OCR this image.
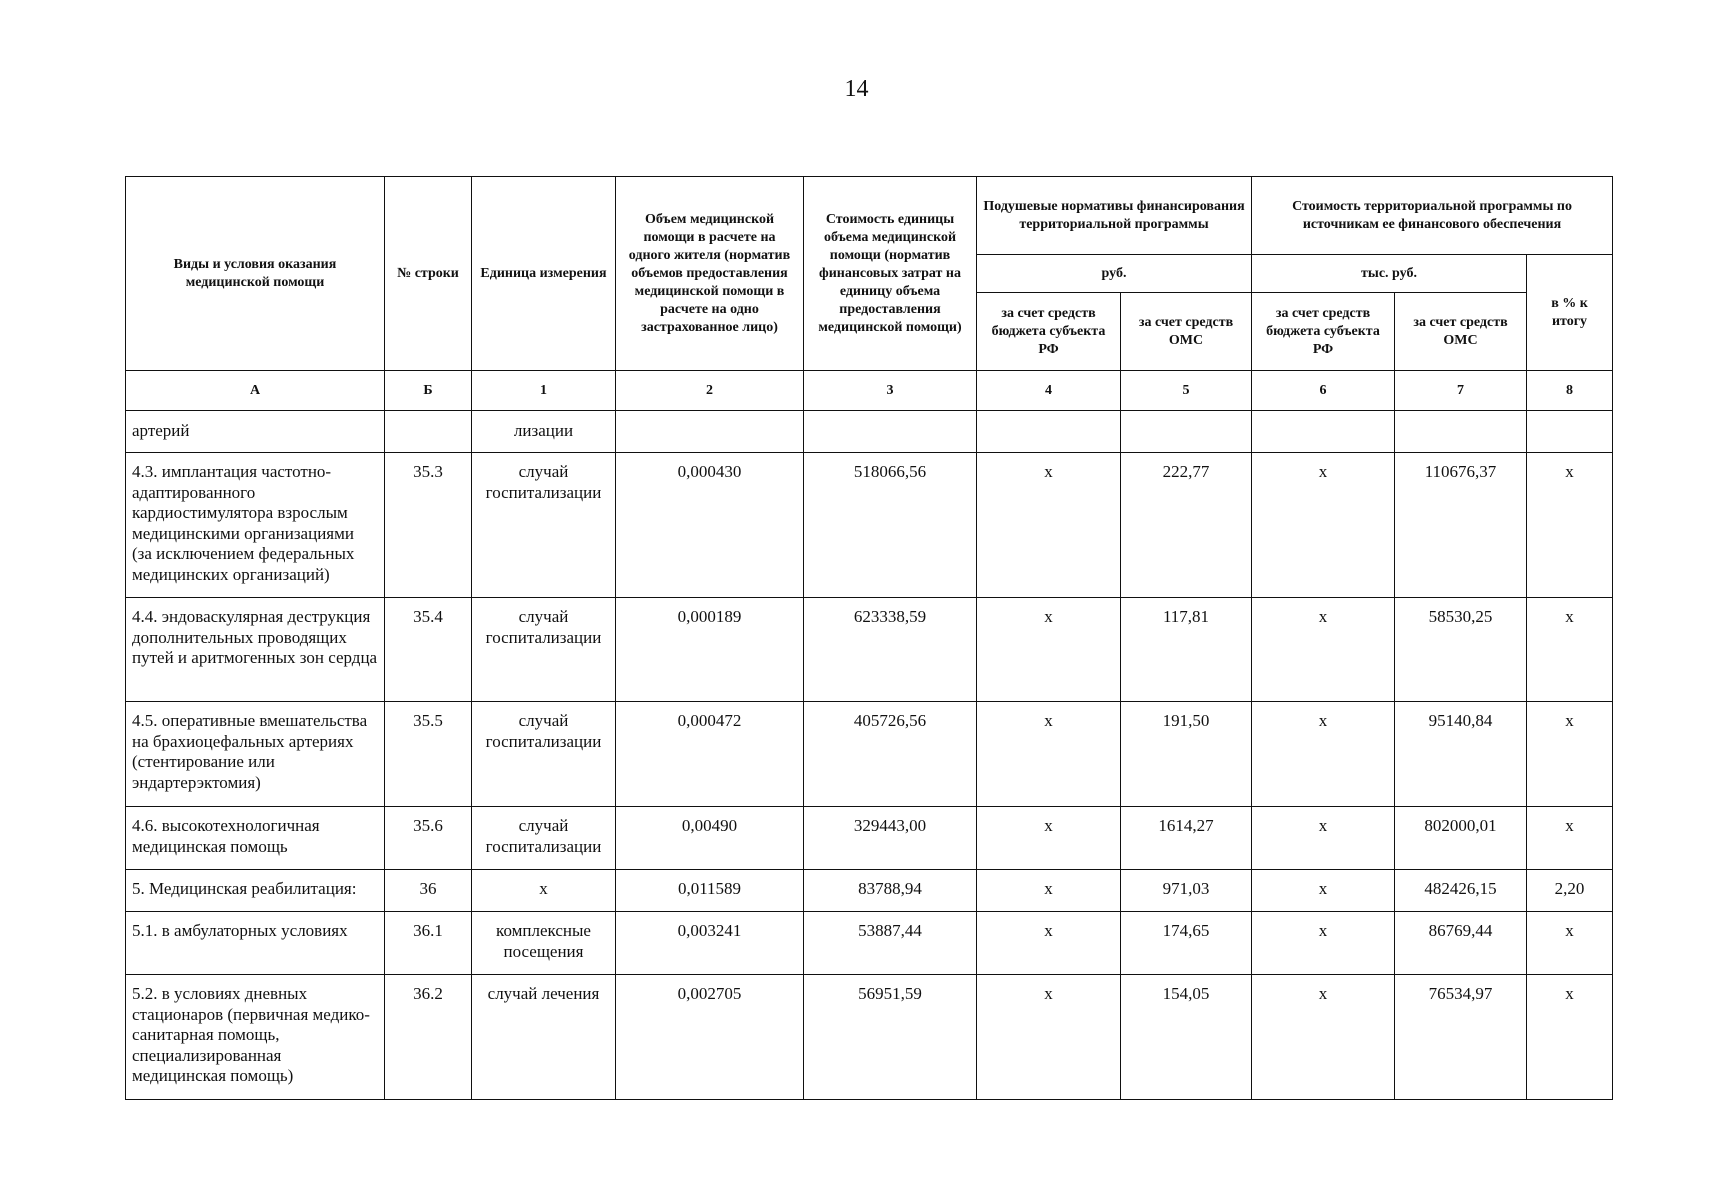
14
Виды и условия оказания медицинской помощи	№ строки	Единица измерения	Объем медицинской помощи в расчете на одного жителя (норматив объемов предоставления медицинской помощи в расчете на одно застрахованное лицо)	Стоимость единицы объема медицинской помощи (норматив финансовых затрат на единицу объема предоставления медицинской помощи)	Подушевые нормативы финансирования территориальной программы		Стоимость территориальной программы по источникам ее финансового обеспечения		
					руб.		тыс. руб.		в % к итогу
					за счет средств бюджета субъекта РФ	за счет средств ОМС	за счет средств бюджета субъекта РФ	за счет средств ОМС	
А	Б	1	2	3	4	5	6	7	8
артерий		лизации							
4.3. имплантация частотно-адаптированного кардиостимулятора взрослым медицинскими организациями (за исключением федеральных медицинских организаций)	35.3	случай госпитализации	0,000430	518066,56	х	222,77	х	110676,37	х
4.4. эндоваскулярная деструкция дополнительных проводящих путей и аритмогенных зон сердца	35.4	случай госпитализации	0,000189	623338,59	х	117,81	х	58530,25	х
4.5. оперативные вмешательства на брахиоцефальных артериях (стентирование или эндартерэктомия)	35.5	случай госпитализации	0,000472	405726,56	х	191,50	х	95140,84	х
4.6. высокотехнологичная медицинская помощь	35.6	случай госпитализации	0,00490	329443,00	х	1614,27	х	802000,01	х
5. Медицинская реабилитация:	36	х	0,011589	83788,94	х	971,03	х	482426,15	2,20
5.1. в амбулаторных условиях	36.1	комплексные посещения	0,003241	53887,44	х	174,65	х	86769,44	х
5.2. в условиях дневных стационаров (первичная медико-санитарная помощь, специализированная медицинская помощь)	36.2	случай лечения	0,002705	56951,59	х	154,05	х	76534,97	х
